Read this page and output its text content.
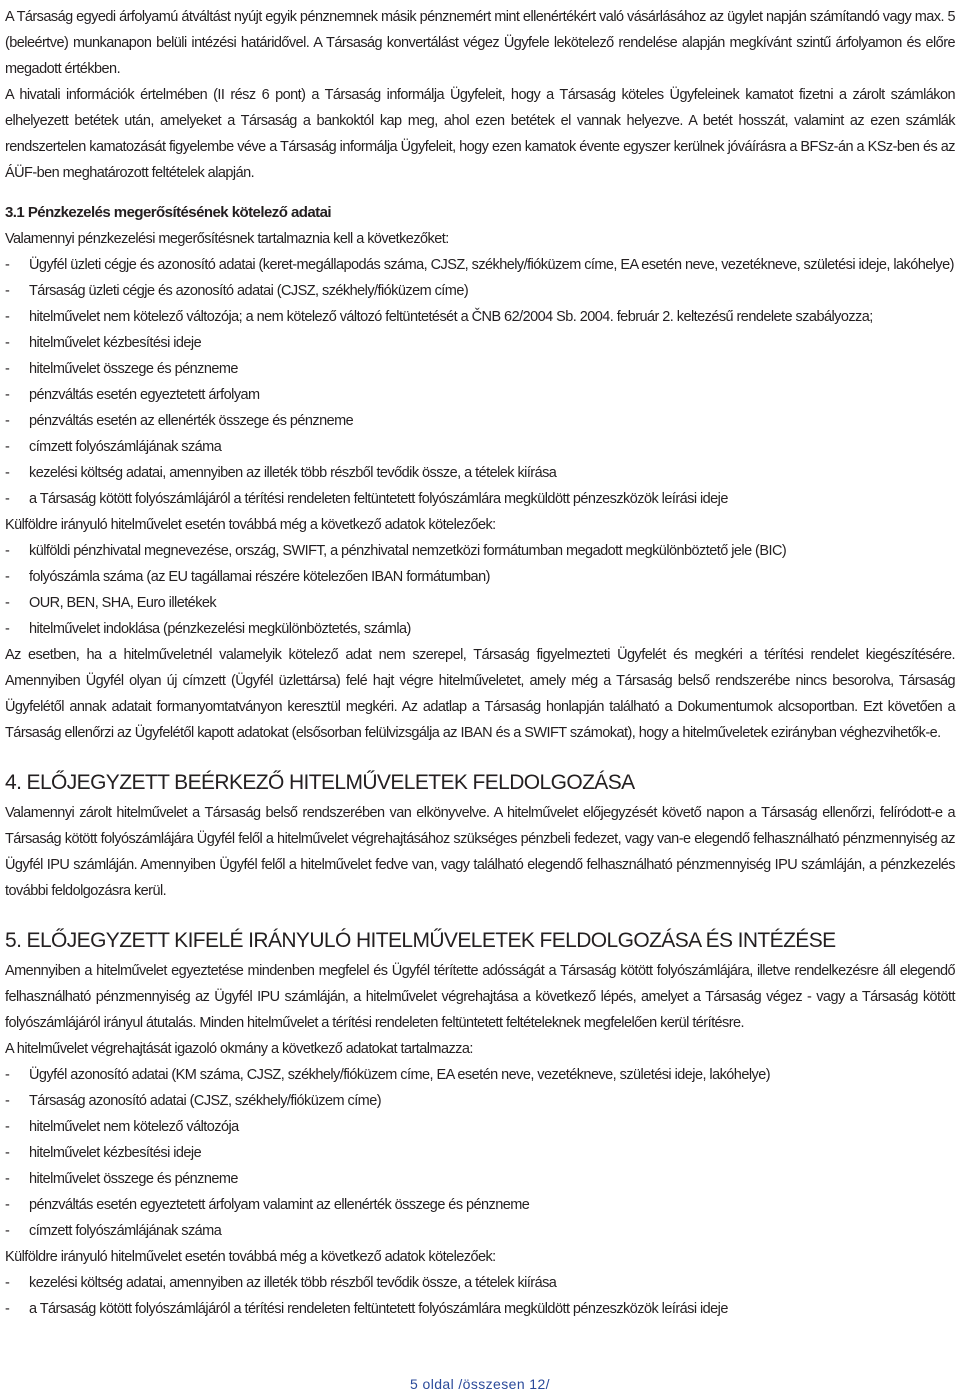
A Társaság egyedi árfolyamú átváltást nyújt egyik pénznemnek másik pénznemért mint ellenértékért való vásárlásához az ügylet napján számítandó vagy max. 5 (beleértve) munkanapon belüli intézési határidővel. A Társaság konvertálást végez Ügyfele lekötelező rendelése alapján megkívánt szintű árfolyamon és előre megadott értékben.

A hivatali információk értelmében (II rész 6 pont) a Társaság informálja Ügyfeleit, hogy a Társaság köteles Ügyfeleinek kamatot fizetni a zárolt számlákon elhelyezett betétek után, amelyeket a Társaság a bankoktól kap meg, ahol ezen betétek el vannak helyezve. A betét hosszát, valamint az ezen számlák rendszertelen kamatozását figyelembe véve a Társaság informálja Ügyfeleit, hogy ezen kamatok évente egyszer kerülnek jóváírásra a BFSz-án a KSz-ben és az ÁÜF-ben meghatározott feltételek alapján.

3.1 Pénzkezelés megerősítésének kötelező adatai

Valamennyi pénzkezelési megerősítésnek tartalmaznia kell a következőket:

- Ügyfél üzleti cégje és azonosító adatai (keret-megállapodás száma, CJSZ, székhely/fióküzem címe, EA esetén neve, vezetékneve, születési ideje, lakóhelye)
- Társaság üzleti cégje és azonosító adatai (CJSZ, székhely/fióküzem címe)
- hitelművelet nem kötelező változója; a nem kötelező változó feltüntetését a ČNB 62/2004 Sb. 2004. február 2. keltezésű rendelete szabályozza;
- hitelművelet kézbesítési ideje
- hitelművelet összege és pénzneme
- pénzváltás esetén egyeztetett árfolyam
- pénzváltás esetén az ellenérték összege és pénzneme
- címzett folyószámlájának száma
- kezelési költség adatai, amennyiben az illeték több részből tevődik össze, a tételek kiírása
- a Társaság kötött folyószámlájáról a térítési rendeleten feltüntetett folyószámlára megküldött pénzeszközök leírási ideje

Külföldre irányuló hitelművelet esetén továbbá még a következő adatok kötelezőek:

- külföldi pénzhivatal megnevezése, ország, SWIFT, a pénzhivatal nemzetközi formátumban megadott megkülönböztető jele (BIC)
- folyószámla száma (az EU tagállamai részére kötelezően IBAN formátumban)
- OUR, BEN, SHA, Euro illetékek
- hitelművelet indoklása (pénzkezelési megkülönböztetés, számla)

Az esetben, ha a hitelműveletnél valamelyik kötelező adat nem szerepel, Társaság figyelmezteti Ügyfelét és megkéri a térítési rendelet kiegészítésére. Amennyiben Ügyfél olyan új címzett (Ügyfél üzlettársa) felé hajt végre hitelműveletet, amely még a Társaság belső rendszerébe nincs besorolva, Társaság Ügyfelétől annak adatait formanyomtatványon keresztül megkéri. Az adatlap a Társaság honlapján található a Dokumentumok alcsoportban. Ezt követően a Társaság ellenőrzi az Ügyfelétől kapott adatokat (elsősorban felülvizsgálja az IBAN és a SWIFT számokat), hogy a hitelműveletek ezirányban véghezvihetők-e.

4. ELŐJEGYZETT BEÉRKEZŐ HITELMŰVELETEK FELDOLGOZÁSA

Valamennyi zárolt hitelművelet a Társaság belső rendszerében van elkönyvelve. A hitelművelet előjegyzését követő napon a Társaság ellenőrzi, felíródott-e a Társaság kötött folyószámlájára Ügyfél felől a hitelművelet végrehajtásához szükséges pénzbeli fedezet, vagy van-e elegendő felhasználható pénzmennyiség az Ügyfél IPU számláján. Amennyiben Ügyfél felől a hitelművelet fedve van, vagy található elegendő felhasználható pénzmennyiség IPU számláján, a pénzkezelés további feldolgozásra kerül.

5. ELŐJEGYZETT KIFELÉ IRÁNYULÓ HITELMŰVELETEK FELDOLGOZÁSA ÉS INTÉZÉSE

Amennyiben a hitelművelet egyeztetése mindenben megfelel és Ügyfél térítette adósságát a Társaság kötött folyószámlájára, illetve rendelkezésre áll elegendő felhasználható pénzmennyiség az Ügyfél IPU számláján, a hitelművelet végrehajtása a következő lépés, amelyet a Társaság végez - vagy a Társaság kötött folyószámlájáról irányul átutalás. Minden hitelművelet a térítési rendeleten feltüntetett feltételeknek megfelelően kerül térítésre.

A hitelművelet végrehajtását igazoló okmány a következő adatokat tartalmazza:

- Ügyfél azonosító adatai (KM száma, CJSZ, székhely/fióküzem címe, EA esetén neve, vezetékneve, születési ideje, lakóhelye)
- Társaság azonosító adatai (CJSZ, székhely/fióküzem címe)
- hitelművelet nem kötelező változója
- hitelművelet kézbesítési ideje
- hitelművelet összege és pénzneme
- pénzváltás esetén egyeztetett árfolyam valamint az ellenérték összege és pénzneme
- címzett folyószámlájának száma

Külföldre irányuló hitelművelet esetén továbbá még a következő adatok kötelezőek:

- kezelési költség adatai, amennyiben az illeték több részből tevődik össze, a tételek kiírása
- a Társaság kötött folyószámlájáról a térítési rendeleten feltüntetett folyószámlára megküldött pénzeszközök leírási ideje
5 oldal /összesen 12/
